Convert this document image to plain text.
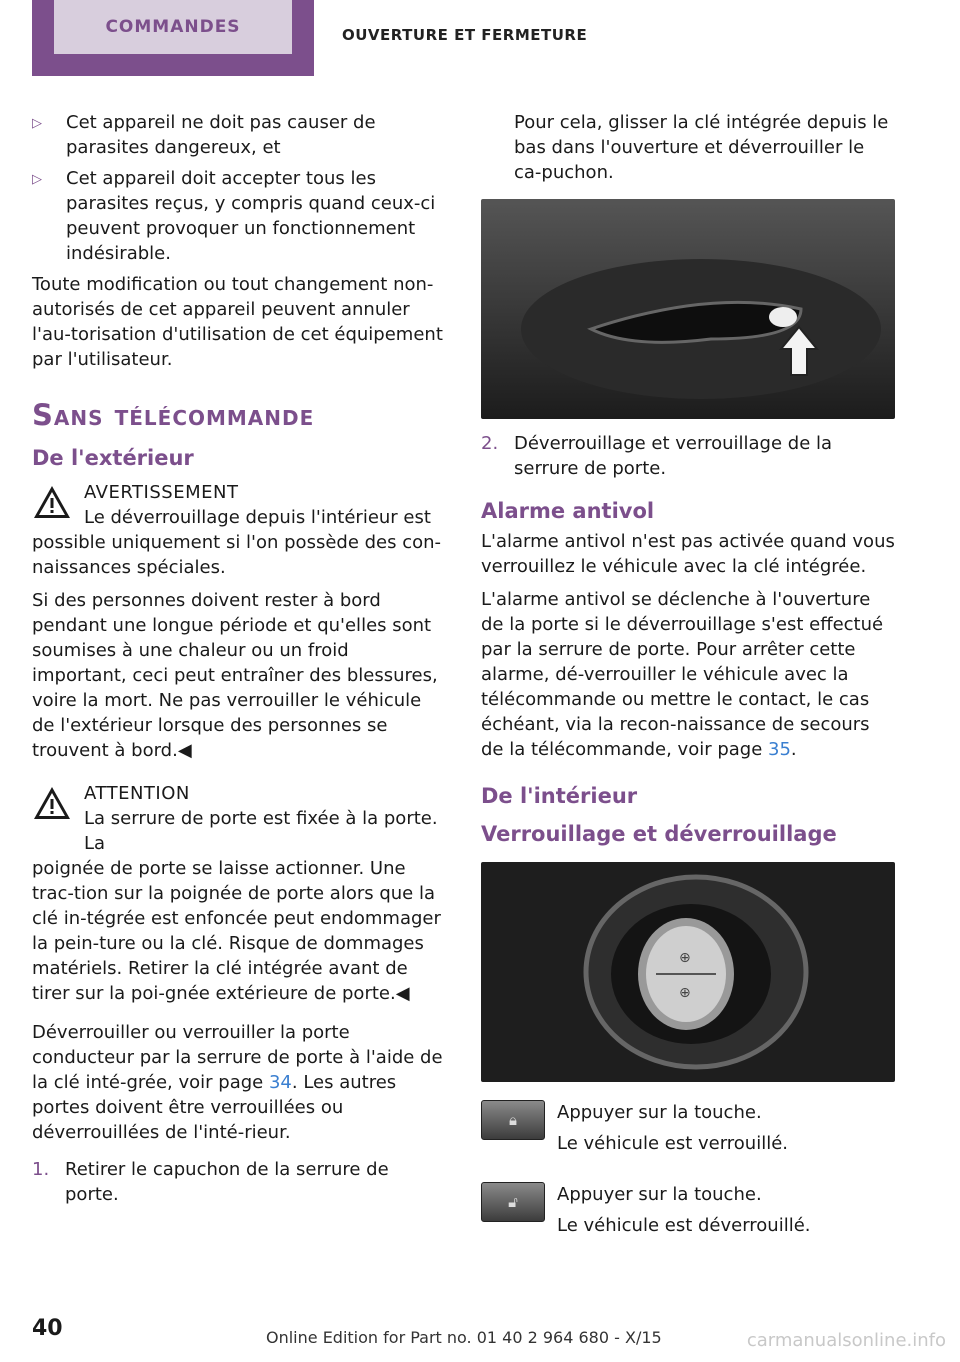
COMMANDES	OUVERTURE ET FERMETURE
▷	Cet appareil ne doit pas causer de parasites dangereux, et
▷	Cet appareil doit accepter tous les parasites reçus, y compris quand ceux-ci peuvent provoquer un fonctionnement indésirable.

Toute modification ou tout changement non-autorisés de cet appareil peuvent annuler l'au-torisation d'utilisation de cet équipement par l'utilisateur.

Sans télécommande
De l'extérieur
AVERTISSEMENT
Le déverrouillage depuis l'intérieur est
possible uniquement si l'on possède des con-naissances spéciales.

Si des personnes doivent rester à bord pendant une longue période et qu'elles sont soumises à une chaleur ou un froid important, ceci peut entraîner des blessures, voire la mort. Ne pas verrouiller le véhicule de l'extérieur lorsque des personnes se trouvent à bord.◀

ATTENTION
La serrure de porte est fixée à la porte. La
poignée de porte se laisse actionner. Une trac-tion sur la poignée de porte alors que la clé in-tégrée est enfoncée peut endommager la pein-ture ou la clé. Risque de dommages matériels. Retirer la clé intégrée avant de tirer sur la poi-gnée extérieure de porte.◀

Déverrouiller ou verrouiller la porte conducteur par la serrure de porte à l'aide de la clé inté-grée, voir page 34. Les autres portes doivent être verrouillées ou déverrouillées de l'inté-rieur.

1. Retirer le capuchon de la serrure de porte.

Pour cela, glisser la clé intégrée depuis le bas dans l'ouverture et déverrouiller le ca-puchon.

2. Déverrouillage et verrouillage de la serrure de porte.
Alarme antivol

L'alarme antivol n'est pas activée quand vous verrouillez le véhicule avec la clé intégrée.

L'alarme antivol se déclenche à l'ouverture de la porte si le déverrouillage s'est effectué par la serrure de porte. Pour arrêter cette alarme, dé-verrouiller le véhicule avec la télécommande ou mettre le contact, le cas échéant, via la recon-naissance de secours de la télécommande, voir page 35.

De l'intérieur
Verrouillage et déverrouillage
⊕
⊕
🔒︎	Appuyer sur la touche.
Le véhicule est verrouillé.
🔓︎	Appuyer sur la touche.
Le véhicule est déverrouillé.
40	Online Edition for Part no. 01 40 2 964 680 - X/15	carmanualsonline.info
